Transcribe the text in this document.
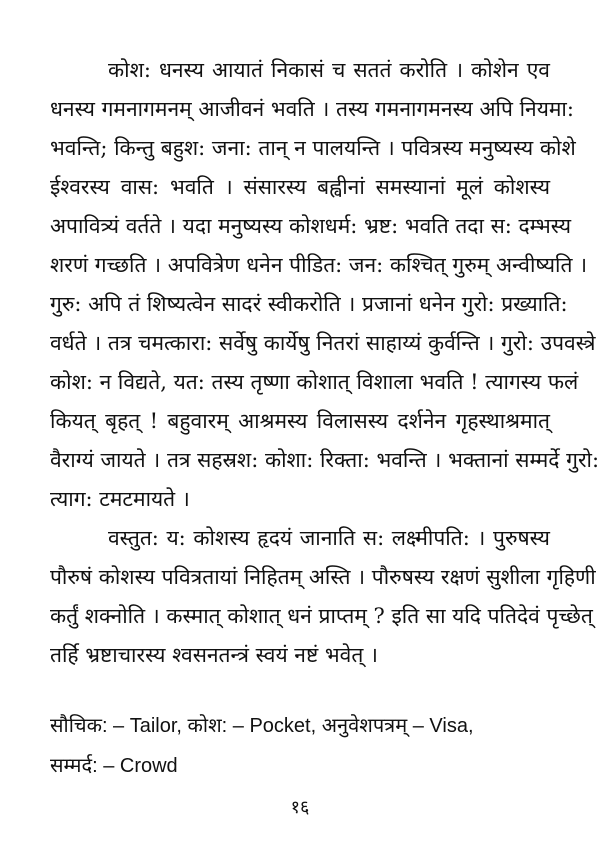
कोश: धनस्य आयातं निकासं च सततं करोति । कोशेन एव
धनस्य गमनागमनम् आजीवनं भवति । तस्य गमनागमनस्य अपि नियमा:
भवन्ति; किन्तु बहुश: जना: तान् न पालयन्ति । पवित्रस्य मनुष्यस्य कोशे
ईश्वरस्य वास: भवति । संसारस्य बह्वीनां समस्यानां मूलं कोशस्य
अपावित्र्यं वर्तते । यदा मनुष्यस्य कोशधर्म: भ्रष्ट: भवति तदा स: दम्भस्य
शरणं गच्छति । अपवित्रेण धनेन पीडित: जन: कश्चित् गुरुम् अन्वीष्यति ।
गुरु: अपि तं शिष्यत्वेन सादरं स्वीकरोति । प्रजानां धनेन गुरो: प्रख्याति:
वर्धते । तत्र चमत्कारा: सर्वेषु कार्येषु नितरां साहाय्यं कुर्वन्ति । गुरो: उपवस्त्रे
कोश: न विद्यते, यत: तस्य तृष्णा कोशात् विशाला भवति ! त्यागस्य फलं
कियत् बृहत् ! बहुवारम् आश्रमस्य विलासस्य दर्शनेन गृहस्थाश्रमात्
वैराग्यं जायते । तत्र सहस्रश: कोशा: रिक्ता: भवन्ति । भक्तानां सम्मर्दे गुरो:
त्याग: टमटमायते ।
वस्तुत: य: कोशस्य हृदयं जानाति स: लक्ष्मीपति: । पुरुषस्य
पौरुषं कोशस्य पवित्रतायां निहितम् अस्ति । पौरुषस्य रक्षणं सुशीला गृहिणी
कर्तुं शक्नोति । कस्मात् कोशात् धनं प्राप्तम् ? इति सा यदि पतिदेवं पृच्छेत्
तर्हि भ्रष्टाचारस्य श्वसनतन्त्रं स्वयं नष्टं भवेत् ।
सौचिक: – Tailor, कोश: – Pocket, अनुवेशपत्रम् – Visa,
सम्मर्द: – Crowd
१६
